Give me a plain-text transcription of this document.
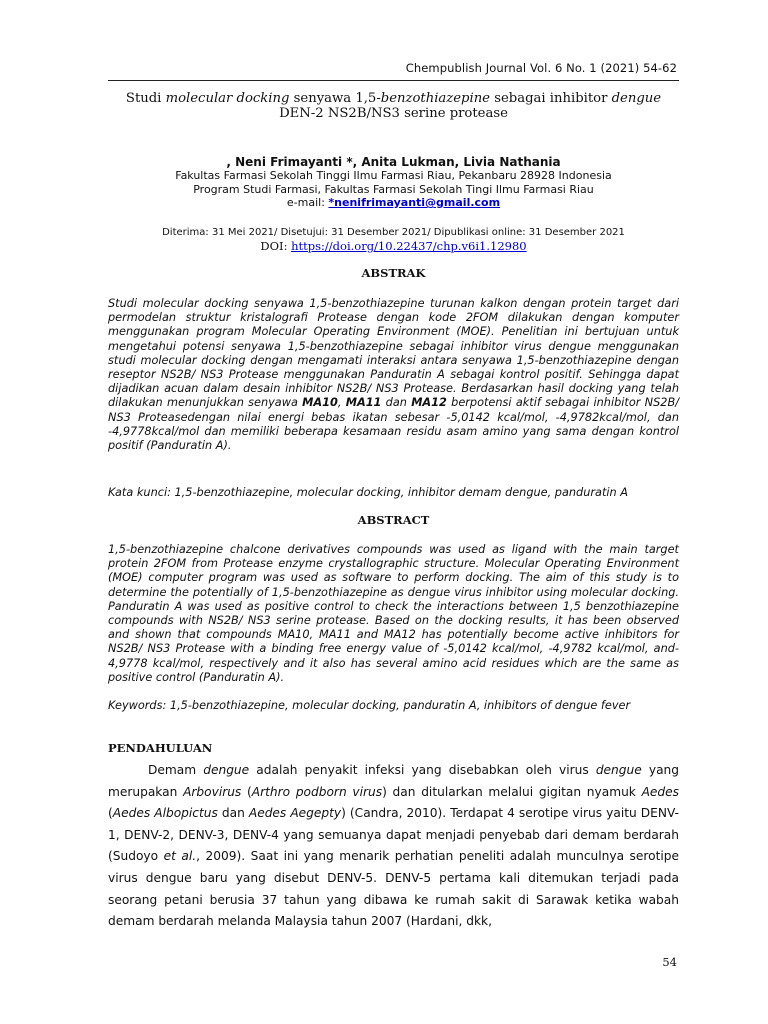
Chempublish Journal Vol. 6 No. 1 (2021) 54-62
Studi molecular docking senyawa 1,5-benzothiazepine sebagai inhibitor dengue
DEN-2 NS2B/NS3 serine protease
, Neni Frimayanti *, Anita Lukman, Livia Nathania
Fakultas Farmasi Sekolah Tinggi Ilmu Farmasi Riau, Pekanbaru 28928 Indonesia
Program Studi Farmasi, Fakultas Farmasi Sekolah Tingi Ilmu Farmasi Riau
e-mail: *nenifrimayanti@gmail.com
Diterima: 31 Mei 2021/ Disetujui: 31 Desember 2021/ Dipublikasi online: 31 Desember 2021
DOI: https://doi.org/10.22437/chp.v6i1.12980
ABSTRAK
Studi molecular docking senyawa 1,5-benzothiazepine turunan kalkon dengan protein target dari permodelan struktur kristalografi Protease dengan kode 2FOM dilakukan dengan komputer menggunakan program Molecular Operating Environment (MOE). Penelitian ini bertujuan untuk mengetahui potensi senyawa 1,5-benzothiazepine sebagai inhibitor virus dengue menggunakan studi molecular docking dengan mengamati interaksi antara senyawa 1,5-benzothiazepine dengan reseptor NS2B/ NS3 Protease menggunakan Panduratin A sebagai kontrol positif. Sehingga dapat dijadikan acuan dalam desain inhibitor NS2B/ NS3 Protease. Berdasarkan hasil docking yang telah dilakukan menunjukkan senyawa MA10, MA11 dan MA12 berpotensi aktif sebagai inhibitor NS2B/ NS3 Proteasedengan nilai energi bebas ikatan sebesar -5,0142 kcal/mol, -4,9782kcal/mol, dan -4,9778kcal/mol dan memiliki beberapa kesamaan residu asam amino yang sama dengan kontrol positif (Panduratin A).
Kata kunci: 1,5-benzothiazepine, molecular docking, inhibitor demam dengue, panduratin A
ABSTRACT
1,5-benzothiazepine chalcone derivatives compounds was used as ligand with the main target protein 2FOM from Protease enzyme crystallographic structure. Molecular Operating Environment (MOE) computer program was used as software to perform docking. The aim of this study is to determine the potentially of 1,5-benzothiazepine as dengue virus inhibitor using molecular docking. Panduratin A was used as positive control to check the interactions between 1,5 benzothiazepine compounds with NS2B/ NS3 serine protease. Based on the docking results, it has been observed and shown that compounds MA10, MA11 and MA12 has potentially become active inhibitors for NS2B/ NS3 Protease with a binding free energy value of -5,0142 kcal/mol, -4,9782 kcal/mol, and-4,9778 kcal/mol, respectively and it also has several amino acid residues which are the same as positive control (Panduratin A).
Keywords: 1,5-benzothiazepine, molecular docking, panduratin A, inhibitors of dengue fever
PENDAHULUAN

Demam dengue adalah penyakit infeksi yang disebabkan oleh virus dengue yang merupakan Arbovirus (Arthro podborn virus) dan ditularkan melalui gigitan nyamuk Aedes (Aedes Albopictus dan Aedes Aegepty) (Candra, 2010). Terdapat 4 serotipe virus yaitu DENV-1, DENV-2, DENV-3, DENV-4 yang semuanya dapat menjadi penyebab dari demam berdarah (Sudoyo et al., 2009). Saat ini yang menarik perhatian peneliti adalah munculnya serotipe virus dengue baru yang disebut DENV-5. DENV-5 pertama kali ditemukan terjadi pada seorang petani berusia 37 tahun yang dibawa ke rumah sakit di Sarawak ketika wabah demam berdarah melanda Malaysia tahun 2007 (Hardani, dkk,

54
